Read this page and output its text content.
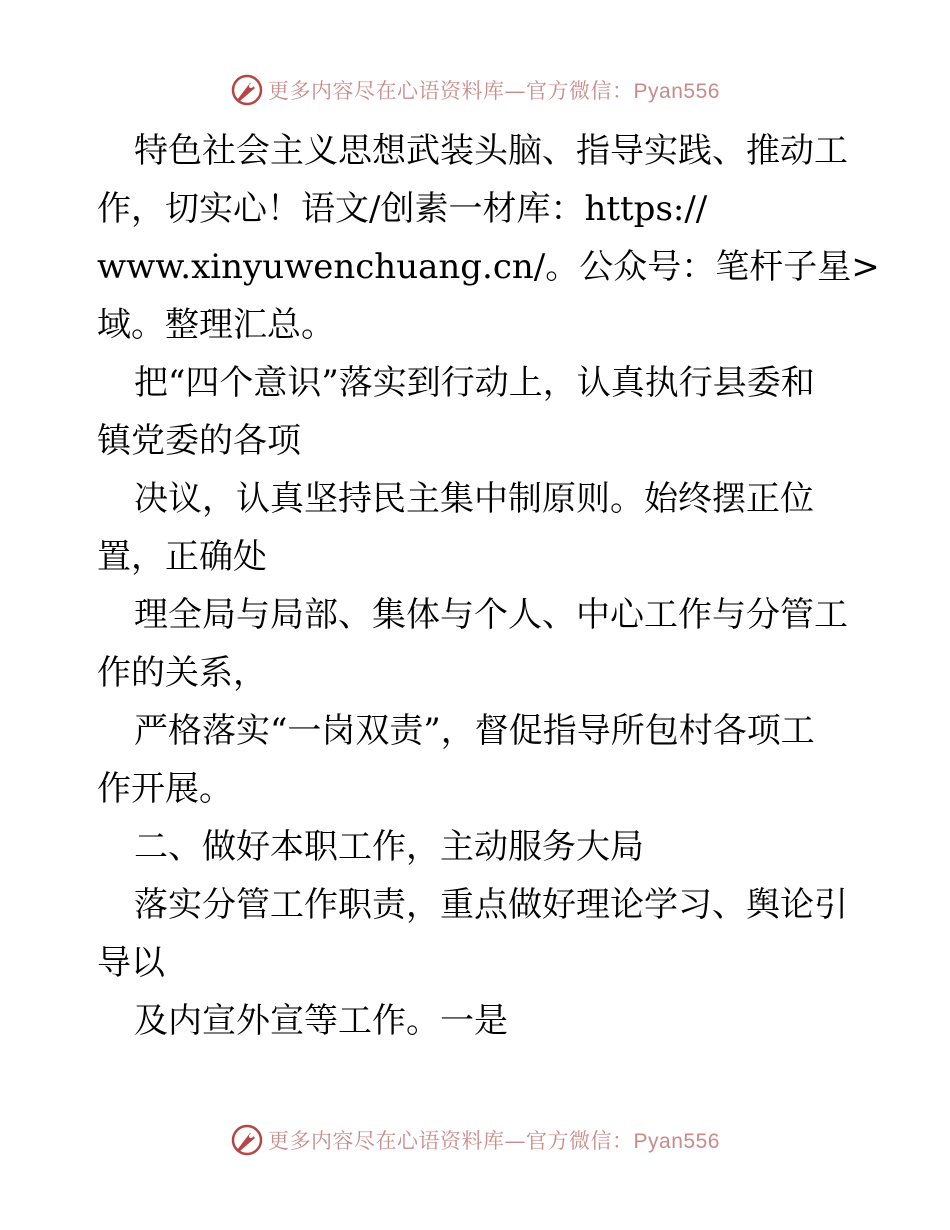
更多内容尽在心语资料库—官方微信：Pyan556
特色社会主义思想武装头脑、指导实践、推动工
作，切实心！语文/创素一材库：https://
www.xinyuwenchuang.cn/。公众号：笔杆子星>
域。整理汇总。
把“四个意识”落实到行动上，认真执行县委和
镇党委的各项
决议，认真坚持民主集中制原则。始终摆正位
置，正确处
理全局与局部、集体与个人、中心工作与分管工
作的关系，
严格落实“一岗双责”，督促指导所包村各项工
作开展。
二、做好本职工作，主动服务大局
落实分管工作职责，重点做好理论学习、舆论引
导以
及内宣外宣等工作。一是
更多内容尽在心语资料库—官方微信：Pyan556
